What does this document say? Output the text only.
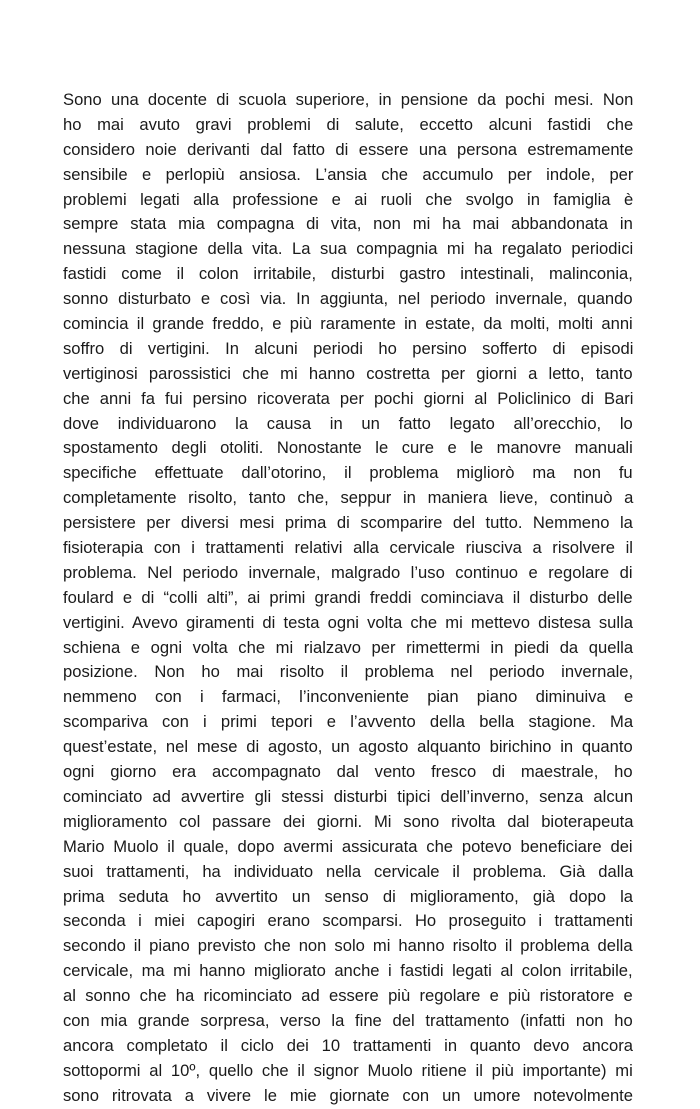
Sono una docente di scuola superiore, in pensione da pochi mesi. Non
ho mai avuto gravi problemi di salute, eccetto alcuni fastidi che
considero noie derivanti dal fatto di essere una persona estremamente
sensibile e perlopiù ansiosa. L’ansia che accumulo per indole, per
problemi legati alla professione e ai ruoli che svolgo in famiglia è
sempre stata mia compagna di vita, non mi ha mai abbandonata in
nessuna stagione della vita. La sua compagnia mi ha regalato periodici
fastidi come il colon irritabile, disturbi gastro intestinali, malinconia,
sonno disturbato e così via. In aggiunta, nel periodo invernale, quando
comincia il grande freddo, e più raramente in estate, da molti, molti anni
soffro di vertigini. In alcuni periodi ho persino sofferto di episodi
vertiginosi parossistici che mi hanno costretta per giorni a letto, tanto
che anni fa fui persino ricoverata per pochi giorni al Policlinico di Bari
dove individuarono la causa in un fatto legato all’orecchio, lo
spostamento degli otoliti. Nonostante le cure e le manovre manuali
specifiche effettuate dall’otorino, il problema migliorò ma non fu
completamente risolto, tanto che, seppur in maniera lieve, continuò a
persistere per diversi mesi prima di scomparire del tutto. Nemmeno la
fisioterapia con i trattamenti relativi alla cervicale riusciva a risolvere il
problema. Nel periodo invernale, malgrado l’uso continuo e regolare di
foulard e di “colli alti”, ai primi grandi freddi cominciava il disturbo delle
vertigini. Avevo giramenti di testa ogni volta che mi mettevo distesa sulla
schiena e ogni volta che mi rialzavo per rimettermi in piedi da quella
posizione. Non ho mai risolto il problema nel periodo invernale,
nemmeno con i farmaci, l’inconveniente pian piano diminuiva e
scompariva con i primi tepori e l’avvento della bella stagione. Ma
quest’estate, nel mese di agosto, un agosto alquanto birichino in quanto
ogni giorno era accompagnato dal vento fresco di maestrale, ho
cominciato ad avvertire gli stessi disturbi tipici dell’inverno, senza alcun
miglioramento col passare dei giorni. Mi sono rivolta dal bioterapeuta
Mario Muolo il quale, dopo avermi assicurata che potevo beneficiare dei
suoi trattamenti, ha individuato nella cervicale il problema. Già dalla
prima seduta ho avvertito un senso di miglioramento, già dopo la
seconda i miei capogiri erano scomparsi. Ho proseguito i trattamenti
secondo il piano previsto che non solo mi hanno risolto il problema della
cervicale, ma mi hanno migliorato anche i fastidi legati al colon irritabile,
al sonno che ha ricominciato ad essere più regolare e più ristoratore e
con mia grande sorpresa, verso la fine del trattamento (infatti non ho
ancora completato il ciclo dei 10 trattamenti in quanto devo ancora
sottopormi al 10º, quello che il signor Muolo ritiene il più importante) mi
sono ritrovata a vivere le mie giornate con un umore notevolmente
